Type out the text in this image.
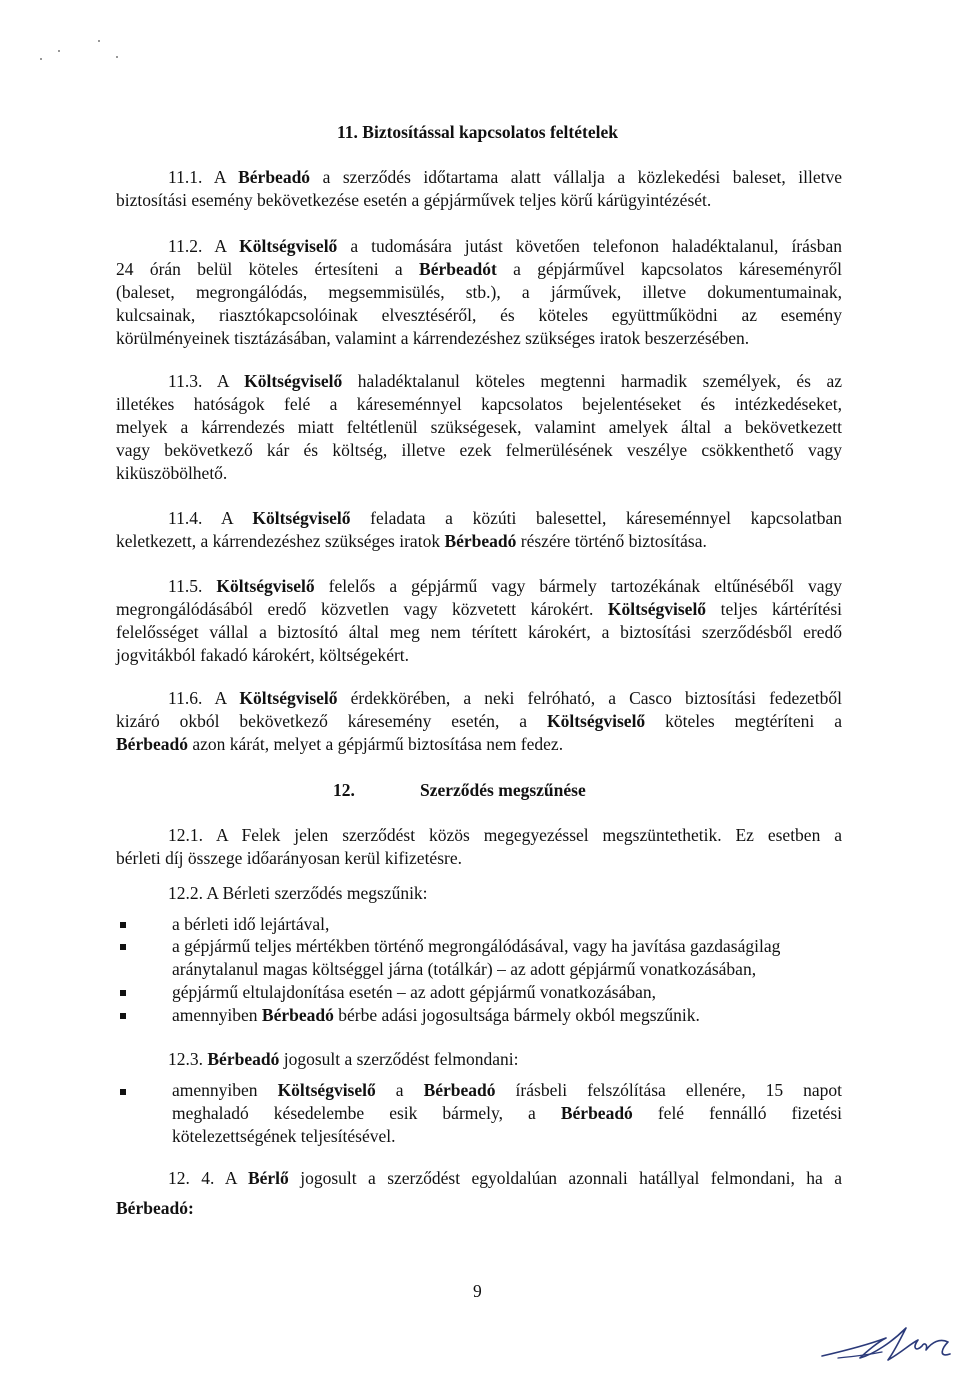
11. Biztosítással kapcsolatos feltételek
11.1. A Bérbeadó a szerződés időtartama alatt vállalja a közlekedési baleset, illetve
biztosítási esemény bekövetkezése esetén a gépjárművek teljes körű kárügyintézését.
11.2. A Költségviselő a tudomására jutást követően telefonon haladéktalanul, írásban
24 órán belül köteles értesíteni a Bérbeadót a gépjárművel kapcsolatos káreseményről
(baleset, megrongálódás, megsemmisülés, stb.), a járművek, illetve dokumentumainak,
kulcsainak, riasztókapcsolóinak elvesztéséről, és köteles együttműködni az esemény
körülményeinek tisztázásában, valamint a kárrendezéshez szükséges iratok beszerzésében.
11.3. A Költségviselő haladéktalanul köteles megtenni harmadik személyek, és az
illetékes hatóságok felé a káreseménnyel kapcsolatos bejelentéseket és intézkedéseket,
melyek a kárrendezés miatt feltétlenül szükségesek, valamint amelyek által a bekövetkezett
vagy bekövetkező kár és költség, illetve ezek felmerülésének veszélye csökkenthető vagy
kiküszöbölhető.
11.4. A Költségviselő feladata a közúti balesettel, káreseménnyel kapcsolatban
keletkezett, a kárrendezéshez szükséges iratok Bérbeadó részére történő biztosítása.
11.5. Költségviselő felelős a gépjármű vagy bármely tartozékának eltűnéséből vagy
megrongálódásából eredő közvetlen vagy közvetett károkért. Költségviselő teljes kártérítési
felelősséget vállal a biztosító által meg nem térített károkért, a biztosítási szerződésből eredő
jogvitákból fakadó károkért, költségekért.
11.6. A Költségviselő érdekkörében, a neki felróható, a Casco biztosítási fedezetből
kizáró okból bekövetkező káresemény esetén, a Költségviselő köteles megtéríteni a
Bérbeadó azon kárát, melyet a gépjármű biztosítása nem fedez.
12.	Szerződés megszűnése
12.1. A Felek jelen szerződést közös megegyezéssel megszüntethetik. Ez esetben a
bérleti díj összege időarányosan kerül kifizetésre.
12.2. A Bérleti szerződés megszűnik:
a bérleti idő lejártával,
a gépjármű teljes mértékben történő megrongálódásával, vagy ha javítása gazdaságilag
aránytalanul magas költséggel járna (totálkár) – az adott gépjármű vonatkozásában,
gépjármű eltulajdonítása esetén – az adott gépjármű vonatkozásában,
amennyiben Bérbeadó bérbe adási jogosultsága bármely okból megszűnik.
12.3. Bérbeadó jogosult a szerződést felmondani:
amennyiben Költségviselő a Bérbeadó írásbeli felszólítása ellenére, 15 napot
meghaladó késedelembe esik bármely, a Bérbeadó felé fennálló fizetési
kötelezettségének teljesítésével.
12. 4. A Bérlő jogosult a szerződést egyoldalúan azonnali hatállyal felmondani, ha a
Bérbeadó:
9
